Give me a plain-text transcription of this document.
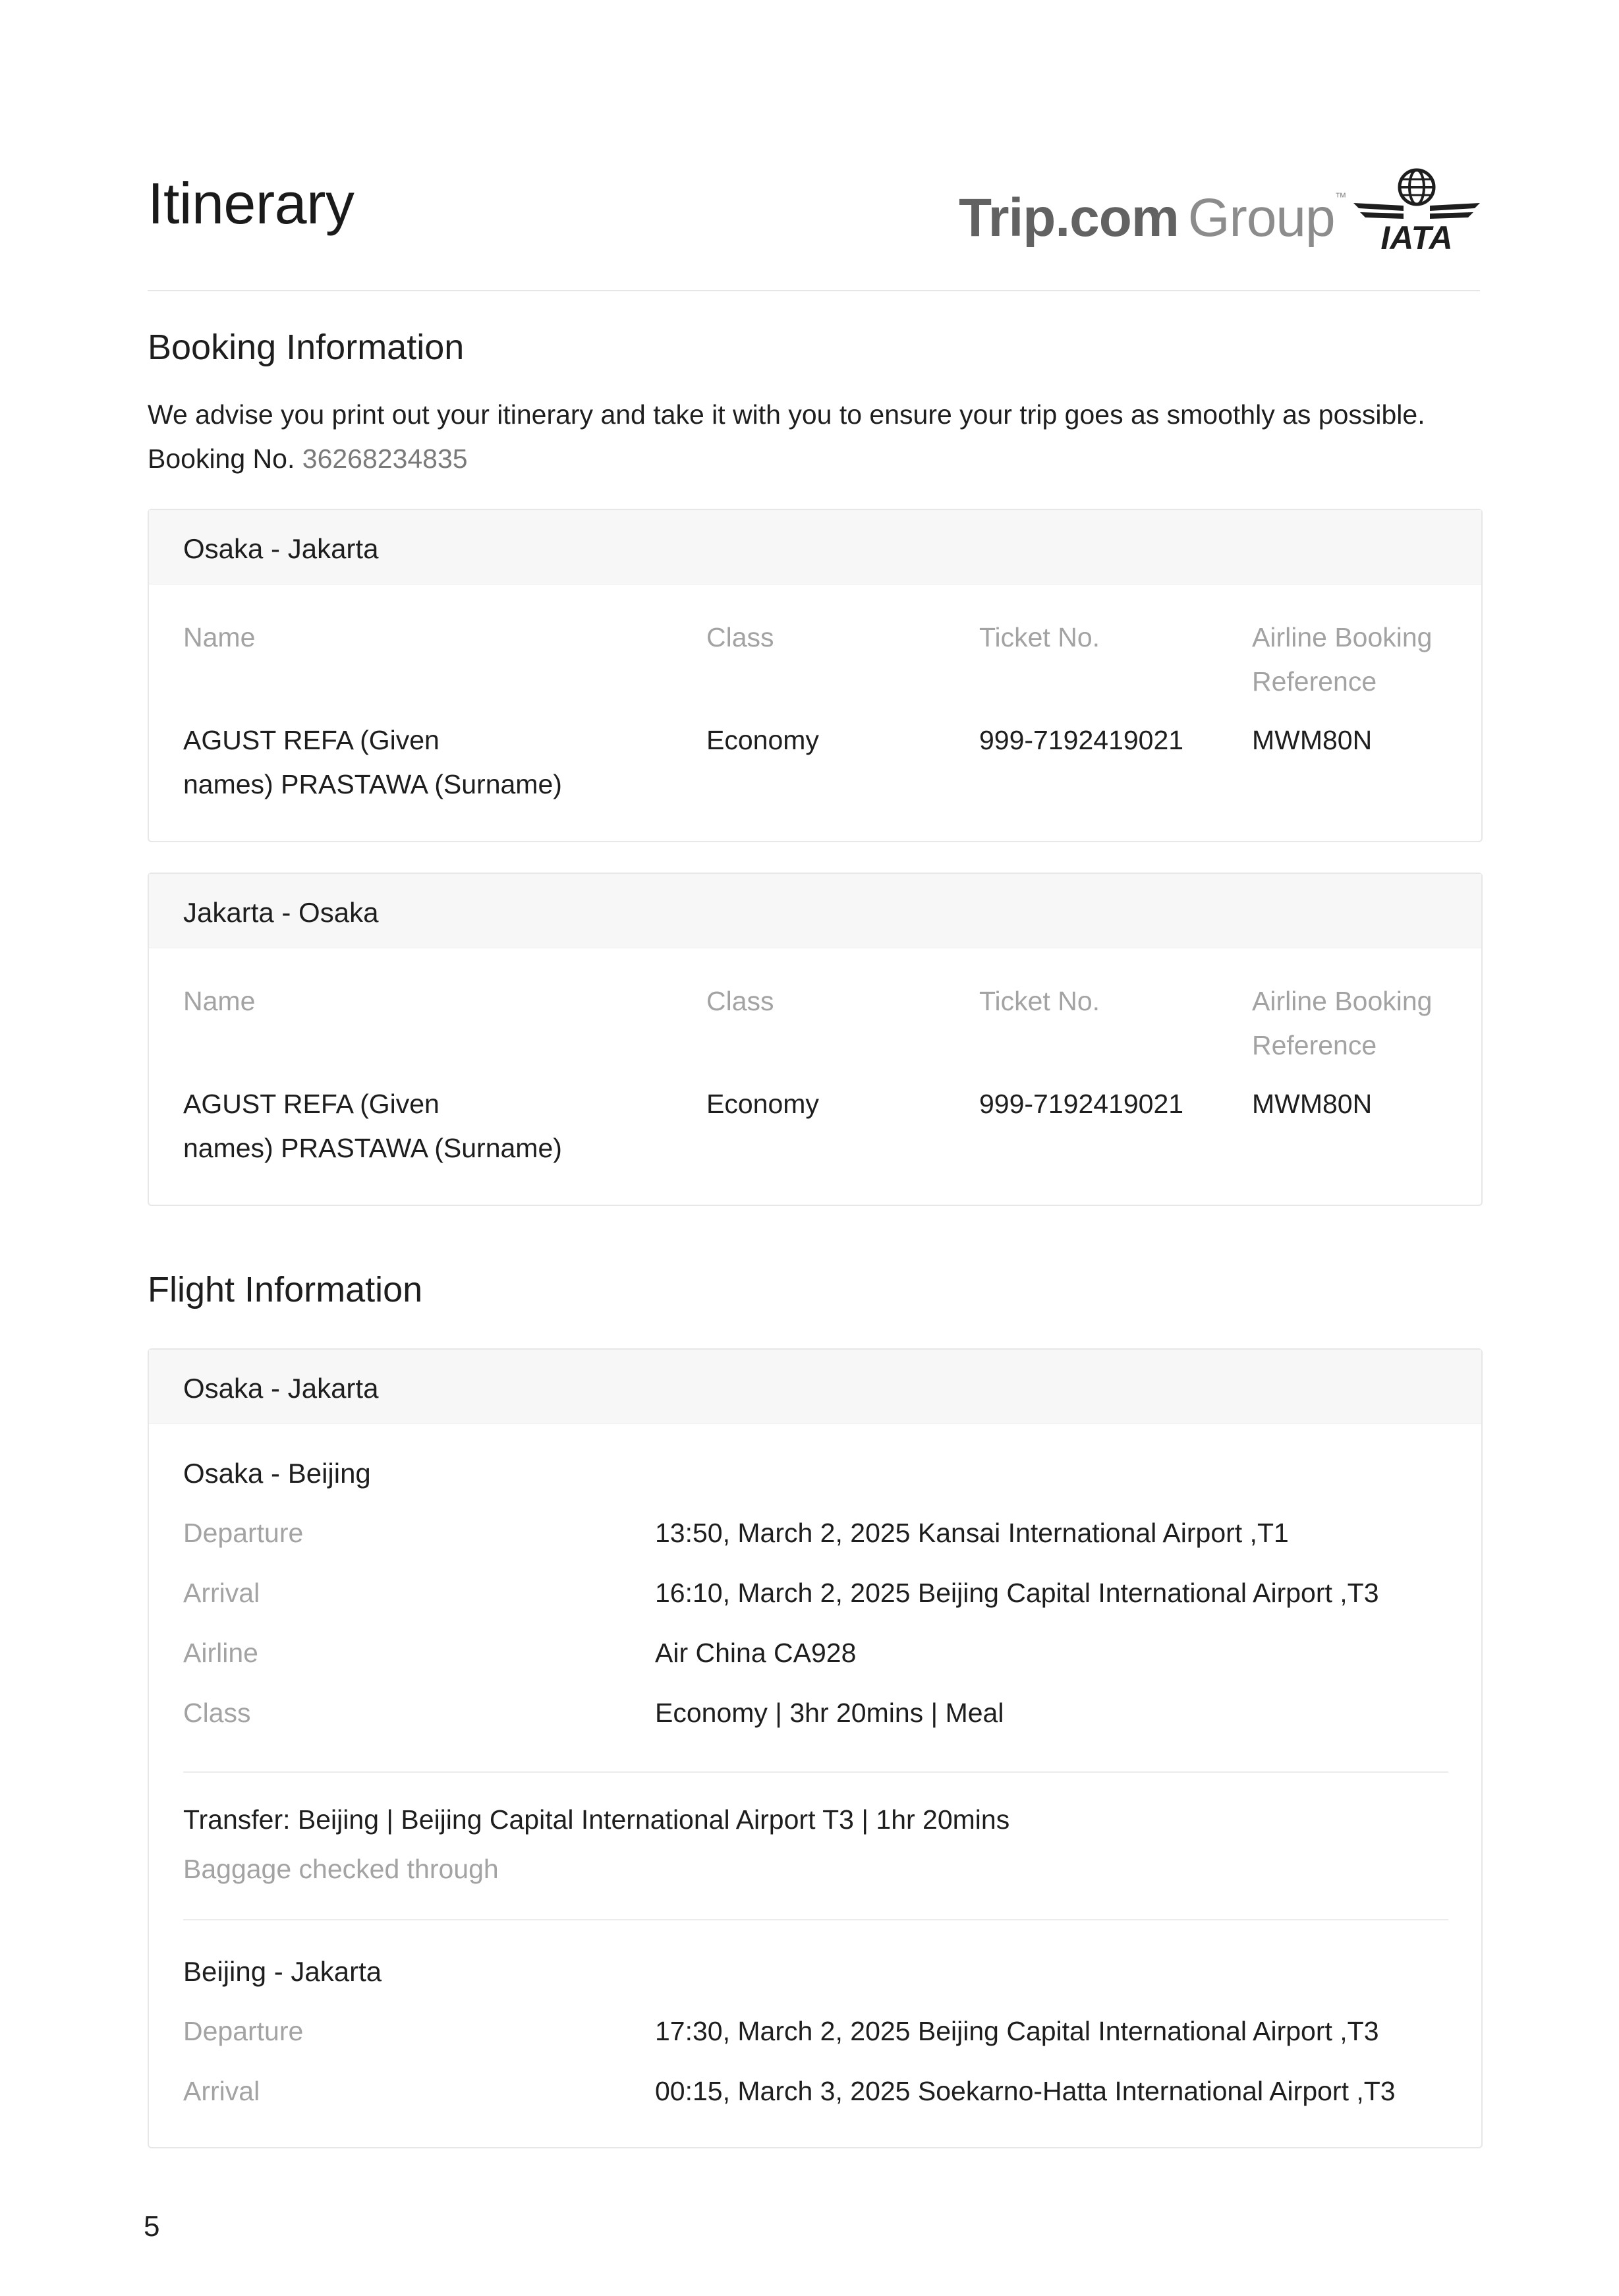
Itinerary	Trip.com Group™
IATA
Booking Information
We advise you print out your itinerary and take it with you to ensure your trip goes as smoothly as possible.
Booking No. 36268234835
Osaka - Jakarta
Name	Class	Ticket No.	Airline Booking
Reference
AGUST REFA (Given
names) PRASTAWA (Surname)
Economy	999-7192419021	MWM80N
Jakarta - Osaka
Name	Class	Ticket No.	Airline Booking
Reference
AGUST REFA (Given
names) PRASTAWA (Surname)
Economy	999-7192419021	MWM80N
Flight Information
Osaka - Jakarta
Osaka - Beijing
Departure	13:50, March 2, 2025 Kansai International Airport ,T1
Arrival	16:10, March 2, 2025 Beijing Capital International Airport ,T3
Airline	Air China CA928
Class	Economy | 3hr 20mins | Meal
Transfer: Beijing | Beijing Capital International Airport T3 | 1hr 20mins
Baggage checked through
Beijing - Jakarta
Departure	17:30, March 2, 2025 Beijing Capital International Airport ,T3
Arrival	00:15, March 3, 2025 Soekarno-Hatta International Airport ,T3
5
